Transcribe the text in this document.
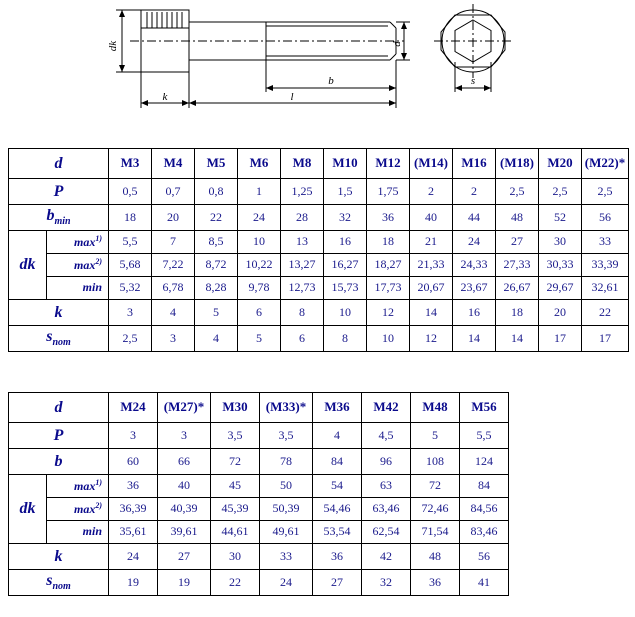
dk	d
s
k
b
l
d		M3	M4	M5	M6	M8	M10	M12	(M14)	M16	(M18)	M20	(M22)*
P		0,5	0,7	0,8	1	1,25	1,5	1,75	2	2	2,5	2,5	2,5
$b_{min}$		18	20	22	24	28	32	36	40	44	48	52	56
dk	$\max^{1)}$	5,5	7	8,5	10	13	16	18	21	24	27	30	33
	$\max^{2)}$	5,68	7,22	8,72	10,22	13,27	16,27	18,27	21,33	24,33	27,33	30,33	33,39
	min	5,32	6,78	8,28	9,78	12,73	15,73	17,73	20,67	23,67	26,67	29,67	32,61
k		3	4	5	6	8	10	12	14	16	18	20	22
$s_{nom}$		2,5	3	4	5	6	8	10	12	14	14	17	17
d		M24	(M27)*	M30	(M33)*	M36	M42	M48	M56
P		3	3	3,5	3,5	4	4,5	5	5,5
b		60	66	72	78	84	96	108	124
dk	$\max^{1)}$	36	40	45	50	54	63	72	84
	$\max^{2)}$	36,39	40,39	45,39	50,39	54,46	63,46	72,46	84,56
	min	35,61	39,61	44,61	49,61	53,54	62,54	71,54	83,46
k		24	27	30	33	36	42	48	56
$s_{nom}$		19	19	22	24	27	32	36	41
